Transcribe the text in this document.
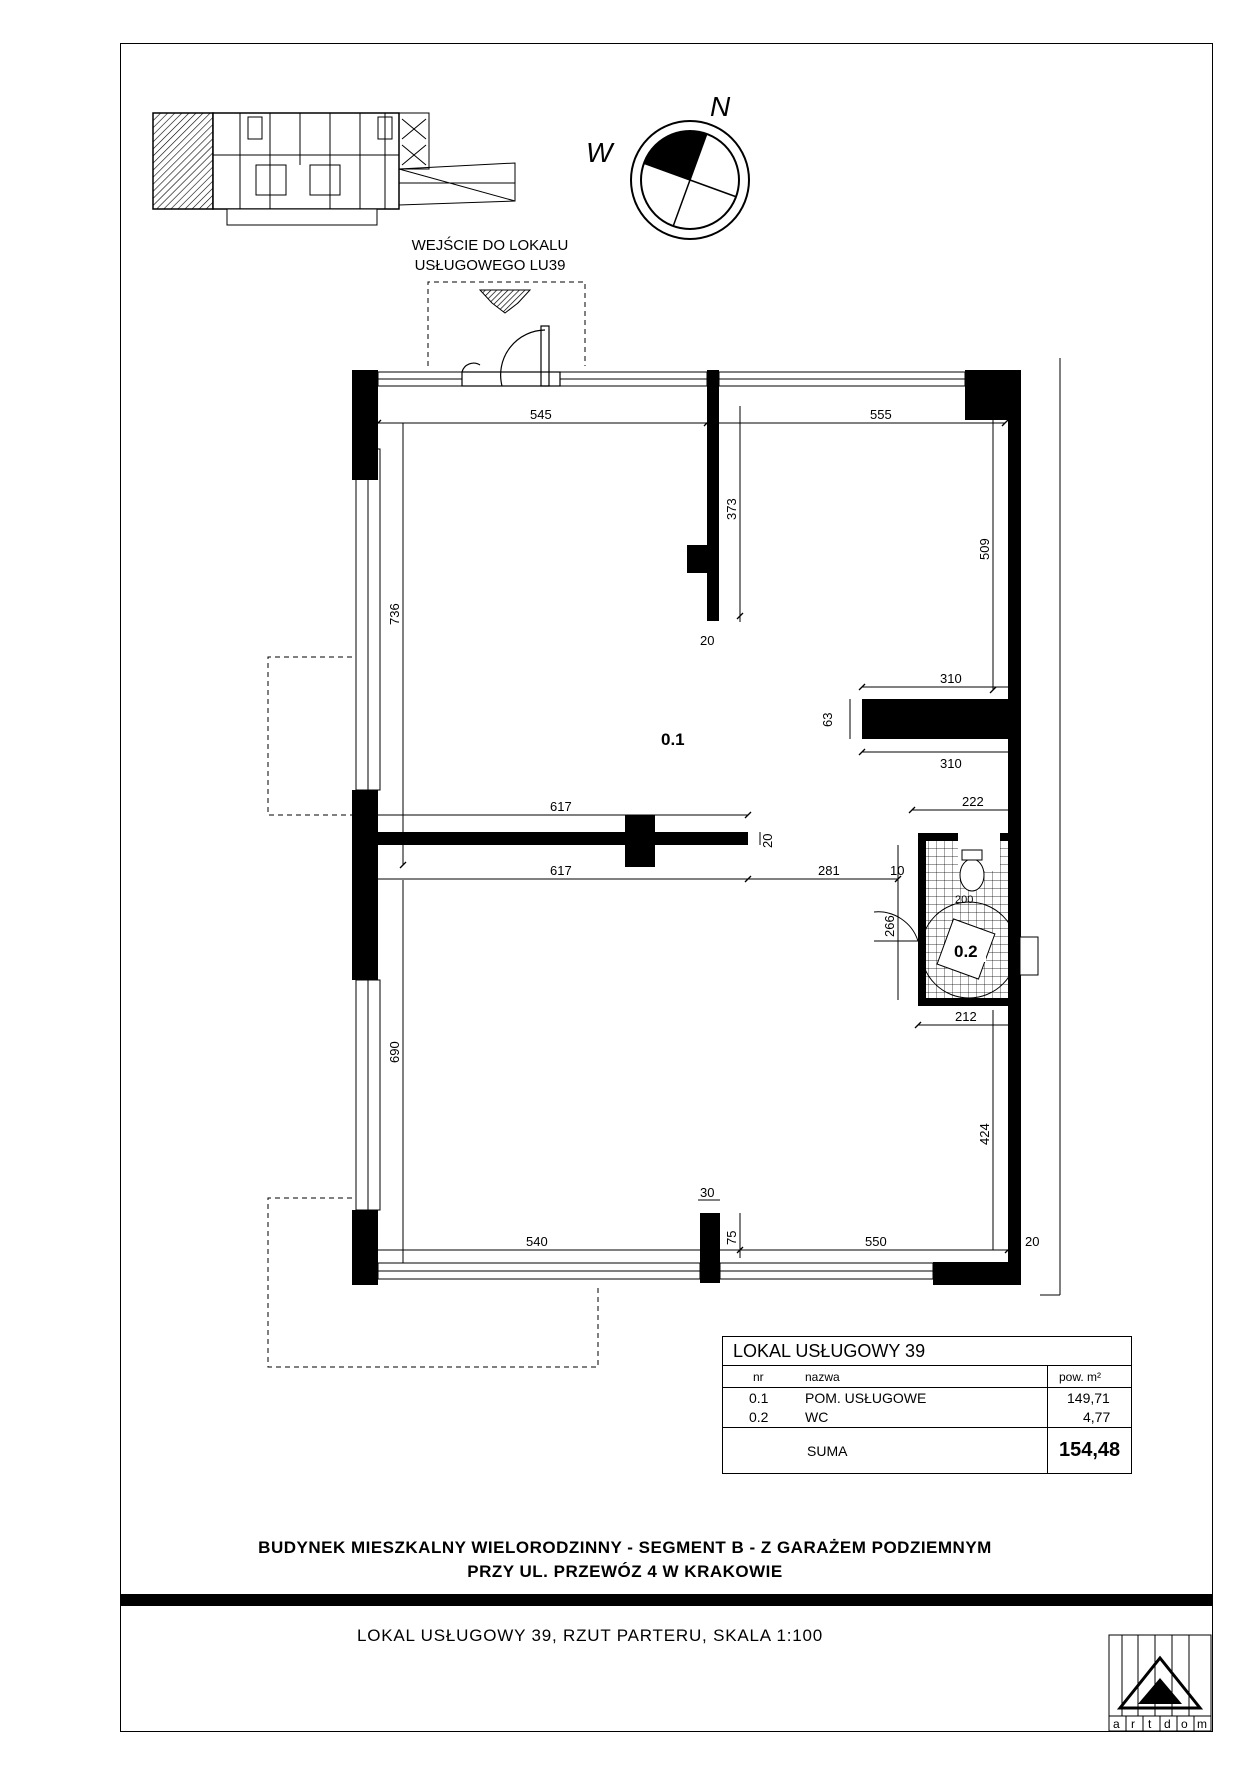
N
W
WEJŚCIE DO LOKALU
USŁUGOWEGO LU39
545	555
736
373
20
509
310
63
310
617
20
617
222
281	10
266
200
212
690
424
30
75
540	550	20
0.1
0.2
LOKAL USŁUGOWY 39
nr	nazwa	pow. m²
0.1	POM. USŁUGOWE	149,71
0.2	WC	4,77
SUMA	154,48
BUDYNEK MIESZKALNY WIELORODZINNY - SEGMENT B - Z GARAŻEM PODZIEMNYM
PRZY UL. PRZEWÓZ 4 W KRAKOWIE
LOKAL USŁUGOWY 39, RZUT PARTERU, SKALA 1:100
a r t d o m
